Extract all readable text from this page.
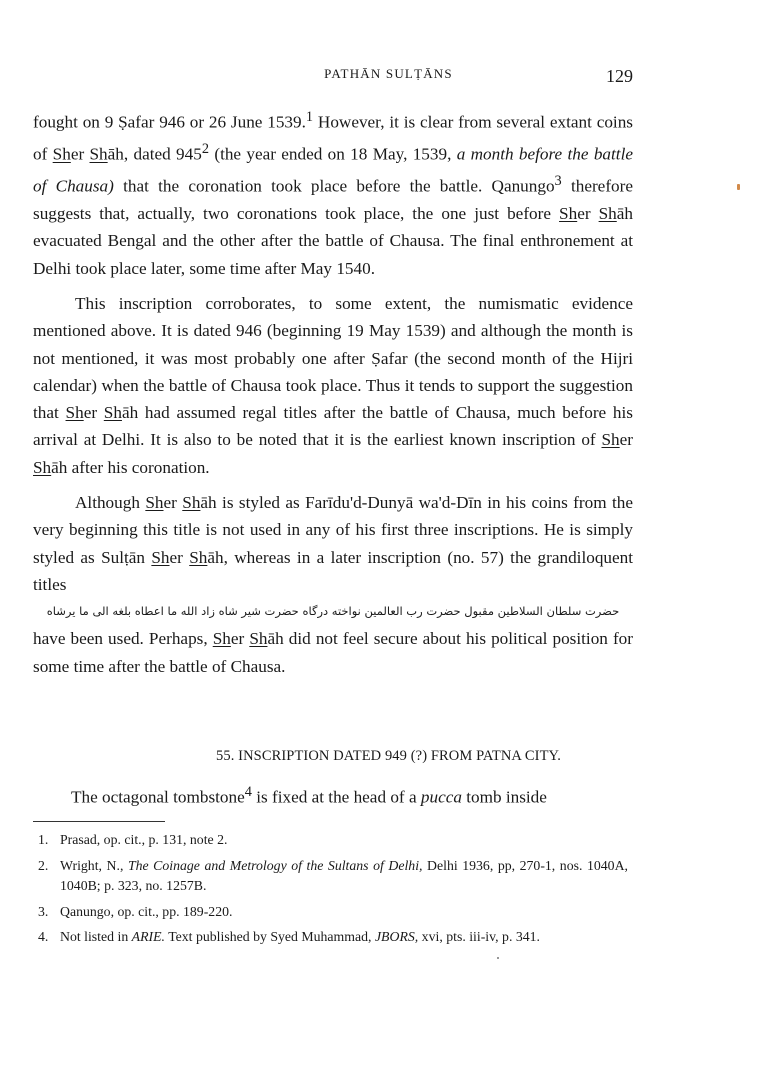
PATHĀN SULṬĀNS	129

fought on 9 Ṣafar 946 or 26 June 1539.$^1$ However, it is clear from several extant coins of Sher Shāh, dated $945^2$ (the year ended on 18 May, 1539, a month before the battle of Chausa) that the coronation took place before the battle. Qanungo$^3$ therefore suggests that, actually, two coronations took place, the one just before Sher Shāh evacuated Bengal and the other after the battle of Chausa. The final enthronement at Delhi took place later, some time after May 1540.

This inscription corroborates, to some extent, the numismatic evidence mentioned above. It is dated 946 (beginning 19 May 1539) and although the month is not mentioned, it was most probably one after Ṣafar (the second month of the Hijri calendar) when the battle of Chausa took place. Thus it tends to support the suggestion that Sher Shāh had assumed regal titles after the battle of Chausa, much before his arrival at Delhi. It is also to be noted that it is the earliest known inscription of Sher Shāh after his coronation.

Although Sher Shāh is styled as Farīdu'd-Dunyā wa'd-Dīn in his coins from the very beginning this title is not used in any of his first three inscriptions. He is simply styled as Sulṭān Sher Shāh, whereas in a later inscription (no. 57) the grandiloquent titles

حضرت سلطان السلاطین مقبول حضرت رب العالمین نواخته درگاه حضرت شیر شاه زاد الله ما اعطاه بلغه الی ما یرشاه

have been used. Perhaps, Sher Shāh did not feel secure about his political position for some time after the battle of Chausa.

55. INSCRIPTION DATED 949 (?) FROM PATNA CITY.
The octagonal tombstone$^4$ is fixed at the head of a pucca tomb inside
1. Prasad, op. cit., p. 131, note 2.
2. Wright, N., The Coinage and Metrology of the Sultans of Delhi, Delhi 1936, pp, 270-1, nos. 1040A, 1040B; p. 323, no. 1257B.
3. Qanungo, op. cit., pp. 189-220.
4. Not listed in ARIE. Text published by Syed Muhammad, JBORS, xvi, pts. iii-iv, p. 341.
